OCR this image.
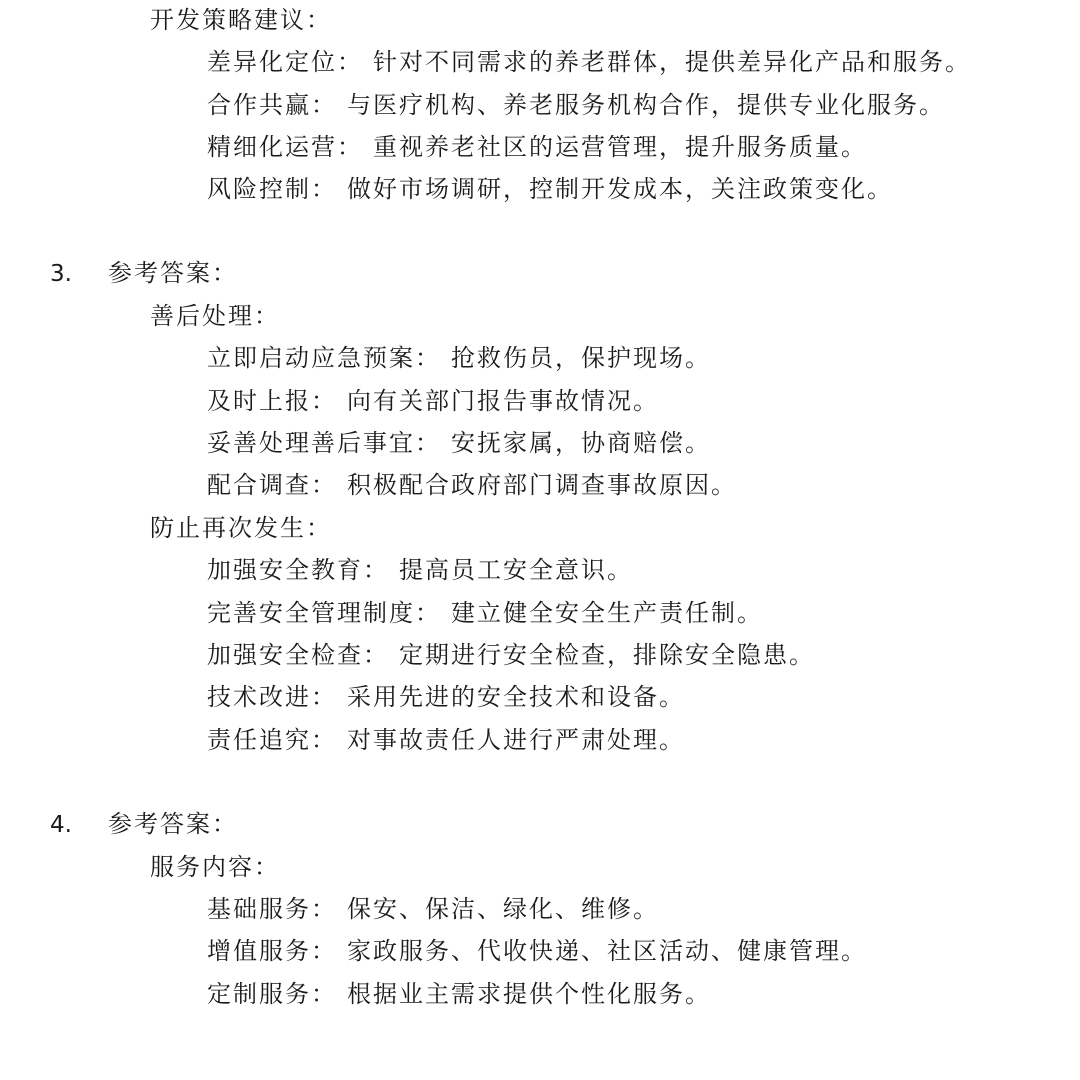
开发策略建议：
差异化定位： 针对不同需求的养老群体，提供差异化产品和服务。
合作共赢： 与医疗机构、养老服务机构合作，提供专业化服务。
精细化运营： 重视养老社区的运营管理，提升服务质量。
风险控制： 做好市场调研，控制开发成本，关注政策变化。
3. 参考答案：
善后处理：
立即启动应急预案： 抢救伤员，保护现场。
及时上报： 向有关部门报告事故情况。
妥善处理善后事宜： 安抚家属，协商赔偿。
配合调查： 积极配合政府部门调查事故原因。
防止再次发生：
加强安全教育： 提高员工安全意识。
完善安全管理制度： 建立健全安全生产责任制。
加强安全检查： 定期进行安全检查，排除安全隐患。
技术改进： 采用先进的安全技术和设备。
责任追究： 对事故责任人进行严肃处理。
4. 参考答案：
服务内容：
基础服务： 保安、保洁、绿化、维修。
增值服务： 家政服务、代收快递、社区活动、健康管理。
定制服务： 根据业主需求提供个性化服务。
